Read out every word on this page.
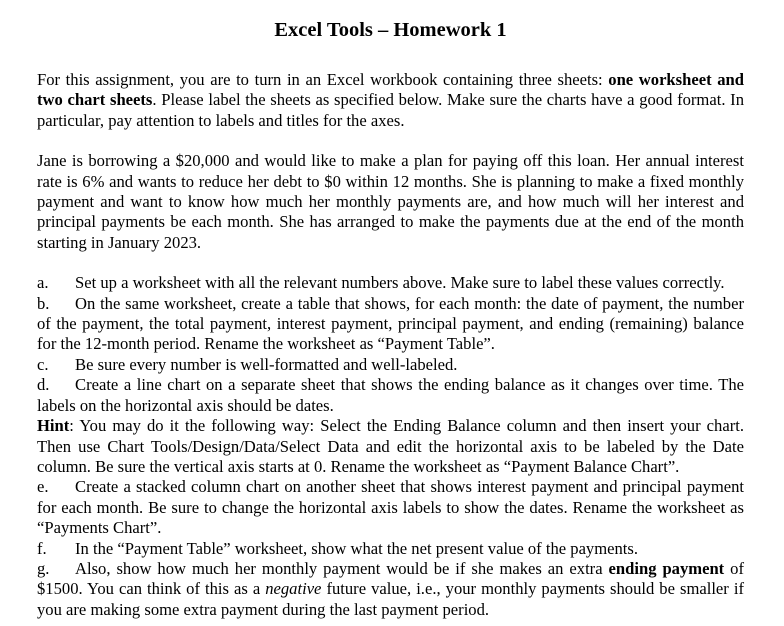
Excel Tools – Homework 1

For this assignment, you are to turn in an Excel workbook containing three sheets: one worksheet and two chart sheets. Please label the sheets as specified below. Make sure the charts have a good format. In particular, pay attention to labels and titles for the axes.

Jane is borrowing a $20,000 and would like to make a plan for paying off this loan. Her annual interest rate is 6% and wants to reduce her debt to $0 within 12 months. She is planning to make a fixed monthly payment and want to know how much her monthly payments are, and how much will her interest and principal payments be each month. She has arranged to make the payments due at the end of the month starting in January 2023.

a. Set up a worksheet with all the relevant numbers above. Make sure to label these values correctly.

b. On the same worksheet, create a table that shows, for each month: the date of payment, the number of the payment, the total payment, interest payment, principal payment, and ending (remaining) balance for the 12-month period. Rename the worksheet as “Payment Table”.

c. Be sure every number is well-formatted and well-labeled.

d. Create a line chart on a separate sheet that shows the ending balance as it changes over time. The labels on the horizontal axis should be dates.

Hint: You may do it the following way: Select the Ending Balance column and then insert your chart. Then use Chart Tools/Design/Data/Select Data and edit the horizontal axis to be labeled by the Date column. Be sure the vertical axis starts at 0. Rename the worksheet as “Payment Balance Chart”.

e. Create a stacked column chart on another sheet that shows interest payment and principal payment for each month. Be sure to change the horizontal axis labels to show the dates. Rename the worksheet as “Payments Chart”.

f. In the “Payment Table” worksheet, show what the net present value of the payments.

g. Also, show how much her monthly payment would be if she makes an extra ending payment of $1500. You can think of this as a negative future value, i.e., your monthly payments should be smaller if you are making some extra payment during the last payment period.
